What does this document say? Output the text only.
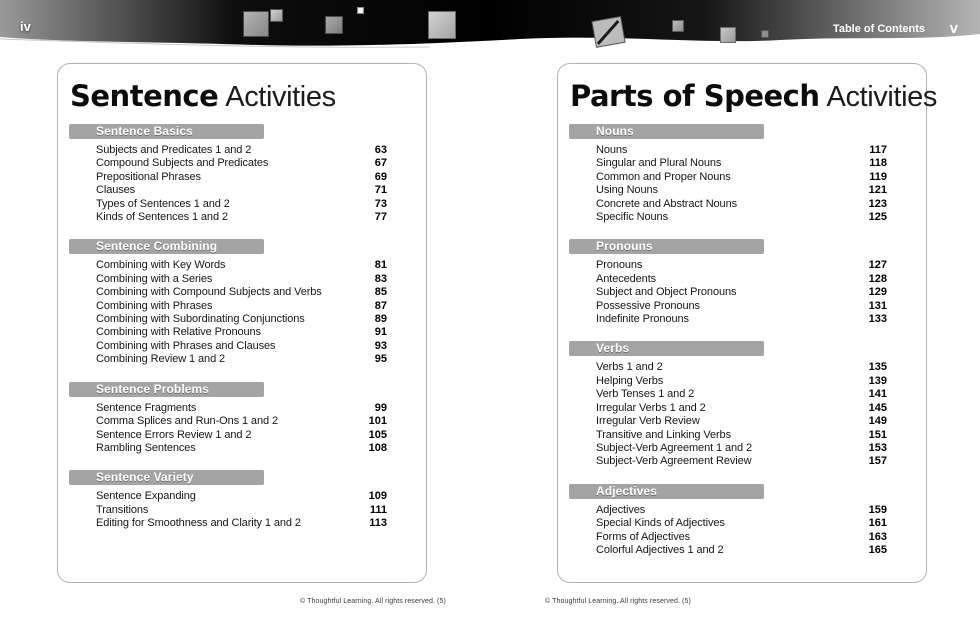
iv	Table of Contents v
Sentence Activities
Sentence Basics
Subjects and Predicates 1 and 2	63
Compound Subjects and Predicates	67
Prepositional Phrases	69
Clauses	71
Types of Sentences 1 and 2	73
Kinds of Sentences 1 and 2	77
Sentence Combining
Combining with Key Words	81
Combining with a Series	83
Combining with Compound Subjects and Verbs	85
Combining with Phrases	87
Combining with Subordinating Conjunctions	89
Combining with Relative Pronouns	91
Combining with Phrases and Clauses	93
Combining Review 1 and 2	95
Sentence Problems
Sentence Fragments	99
Comma Splices and Run-Ons 1 and 2	101
Sentence Errors Review 1 and 2	105
Rambling Sentences	108
Sentence Variety
Sentence Expanding	109
Transitions	111
Editing for Smoothness and Clarity 1 and 2	113
Parts of Speech Activities
Nouns
Nouns	117
Singular and Plural Nouns	118
Common and Proper Nouns	119
Using Nouns	121
Concrete and Abstract Nouns	123
Specific Nouns	125
Pronouns
Pronouns	127
Antecedents	128
Subject and Object Pronouns	129
Possessive Pronouns	131
Indefinite Pronouns	133
Verbs
Verbs 1 and 2	135
Helping Verbs	139
Verb Tenses 1 and 2	141
Irregular Verbs 1 and 2	145
Irregular Verb Review	149
Transitive and Linking Verbs	151
Subject-Verb Agreement 1 and 2	153
Subject-Verb Agreement Review	157
Adjectives
Adjectives	159
Special Kinds of Adjectives	161
Forms of Adjectives	163
Colorful Adjectives 1 and 2	165
© Thoughtful Learning. All rights reserved. (5)	© Thoughtful Learning. All rights reserved. (5)
